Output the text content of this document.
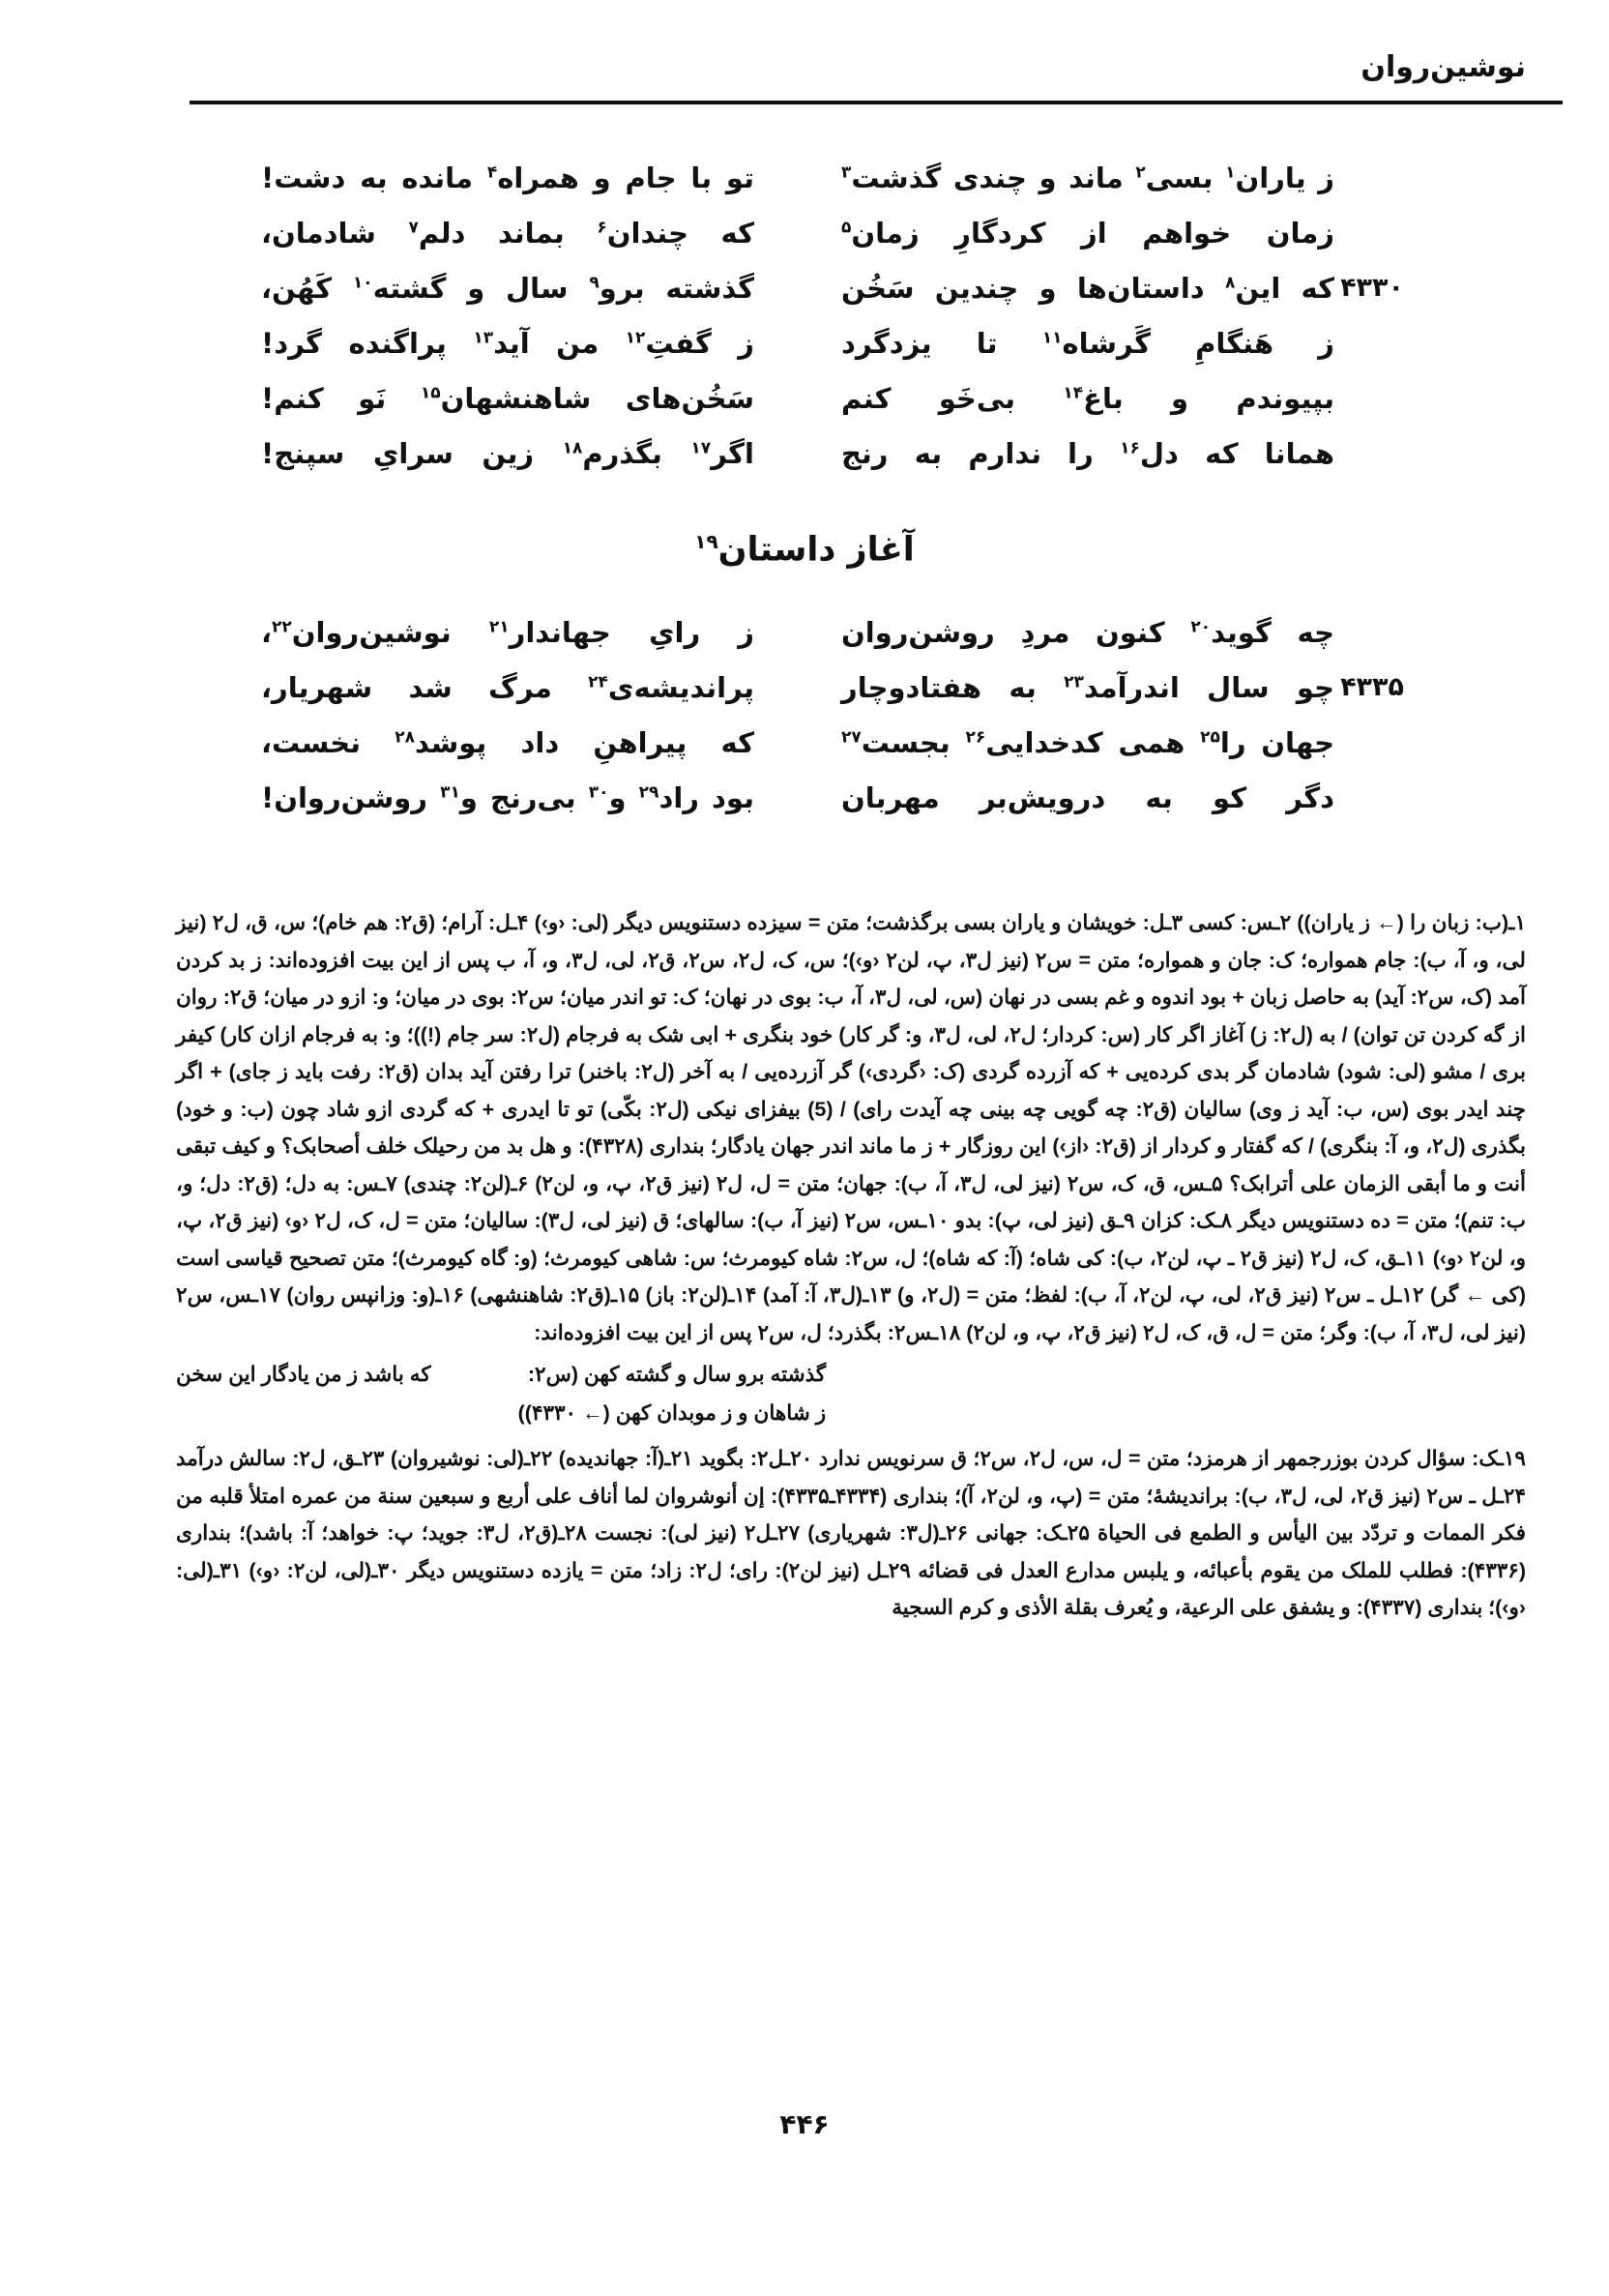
نوشین‌روان
ز یاران$^۱$ بسی$^۲$ ماند و چندی گذشت$^۳$
تو با جام و همراه$^۴$ مانده به دشت!
زمان خواهم از کردگارِ زمان$^۵$
که چندان$^۶$ بماند دلم$^۷$ شادمان،
که این$^۸$ داستان‌ها و چندین سَخُن
گذشته برو$^۹$ سال و گشته$^{۱۰}$ کَهُن،	۴۳۳۰
ز هَنگامِ گَرشاه$^{۱۱}$ تا یزدگرد
ز گفتِ$^{۱۲}$ من آید$^{۱۳}$ پراگنده گرد!
بپیوندم و باغ$^{۱۴}$ بی‌خَو کنم
سَخُن‌های شاهنشهان$^{۱۵}$ نَو کنم!
همانا که دل$^{۱۶}$ را ندارم به رنج
اگر$^{۱۷}$ بگذرم$^{۱۸}$ زین سرایِ سپنج!
آغاز داستان$^{۱۹}$
چه گوید$^{۲۰}$ کنون مردِ روشن‌روان
ز رایِ جهاندار$^{۲۱}$ نوشین‌روان$^{۲۲}$،
چو سال اندرآمد$^{۲۳}$ به هفتادوچار
پراندیشه‌ی$^{۲۴}$ مرگ شد شهریار،	۴۳۳۵
جهان را$^{۲۵}$ همی کدخدایی$^{۲۶}$ بجست$^{۲۷}$
که پیراهنِ داد پوشد$^{۲۸}$ نخست،
دگر کو به درویش‌بر مهربان
بود راد$^{۲۹}$ و$^{۳۰}$ بی‌رنج و$^{۳۱}$ روشن‌روان!

۱ـ(ب: زبان را (← ز یاران)) ۲ـس: کسی ۳ـل: خویشان و یاران بسی برگذشت؛ متن = سیزده دستنویس دیگر (لی: ‹و›) ۴ـل: آرام؛ (ق۲: هم خام)؛ س، ق، ل۲ (نیز لی، و، آ، ب): جام همواره؛ ک: جان و همواره؛ متن = س۲ (نیز ل۳، پ، لن۲ ‹و›)؛ س، ک، ل۲، س۲، ق۲، لی، ل۳، و، آ، ب پس از این بیت افزوده‌اند: ز بد کردن آمد (ک، س۲: آید) به حاصل زبان + بود اندوه و غم بسی در نهان (س، لی، ل۳، آ، ب: بوی در نهان؛ ک: تو اندر میان؛ س۲: بوی در میان؛ و: ازو در میان؛ ق۲: روان از گه کردن تن توان) / به (ل۲: ز) آغاز اگر کار (س: کردار؛ ل۲، لی، ل۳، و: گر کار) خود بنگری + ابی شک به فرجام (ل۲: سر جام (!))؛ و: به فرجام ازان کار) کیفر بری / مشو (لی: شود) شادمان گر بدی کرده‌یی + که آزرده گردی (ک: ‹گردی›) گر آزرده‌یی / به آخر (ل۲: باخنر) ترا رفتن آید بدان (ق۲: رفت باید ز جای) + اگر چند ایدر بوی (س، ب: آید ز وی) سالیان (ق۲: چه گویی چه بینی چه آیدت رای) / (5) بیفزای نیکی (ل۲: بکّی) تو تا ایدری + که گردی ازو شاد چون (ب: و خود) بگذری (ل۲، و، آ: بنگری) / که گفتار و کردار از (ق۲: ‹از›) این روزگار + ز ما ماند اندر جهان یادگار؛ بنداری (۴۳۲۸): و هل بد من رحیلک خلف أصحابک؟ و کیف تبقی أنت و ما أبقی الزمان علی أترابک؟ ۵ـس، ق، ک، س۲ (نیز لی، ل۳، آ، ب): جهان؛ متن = ل، ل۲ (نیز ق۲، پ، و، لن۲) ۶ـ(لن۲: چندی) ۷ـس: به دل؛ (ق۲: دل؛ و، ب: تنم)؛ متن = ده دستنویس دیگر ۸ـک: کزان ۹ـق (نیز لی، پ): بدو ۱۰ـس، س۲ (نیز آ، ب): سالهای؛ ق (نیز لی، ل۳): سالیان؛ متن = ل، ک، ل۲ ‹و› (نیز ق۲، پ، و، لن۲ ‹و›) ۱۱ـق، ک، ل۲ (نیز ق۲ ـ پ، لن۲، ب): کی شاه؛ (آ: که شاه)؛ ل، س۲: شاه کیومرث؛ س: شاهی کیومرث؛ (و: گاه کیومرث)؛ متن تصحیح قیاسی است (کی ← گر) ۱۲ـل ـ س۲ (نیز ق۲، لی، پ، لن۲، آ، ب): لفظ؛ متن = (ل۲، و) ۱۳ـ(ل۳، آ: آمد) ۱۴ـ(لن۲: باز) ۱۵ـ(ق۲: شاهنشهی) ۱۶ـ(و: وزانپس روان) ۱۷ـس، س۲ (نیز لی، ل۳، آ، ب): وگر؛ متن = ل، ق، ک، ل۲ (نیز ق۲، پ، و، لن۲) ۱۸ـس۲: بگذرد؛ ل، س۲ پس از این بیت افزوده‌اند:

که باشد ز من یادگار این سخن	گذشته برو سال و گشته کهن (س۲:
ز شاهان و ز موبدان کهن (← ۴۳۳۰))

۱۹ـک: سؤال کردن بوزرجمهر از هرمزد؛ متن = ل، س، ل۲، س۲؛ ق سرنویس ندارد ۲۰ـل۲: بگوید ۲۱ـ(آ: جهاندیده) ۲۲ـ(لی: نوشیروان) ۲۳ـق، ل۲: سالش درآمد ۲۴ـل ـ س۲ (نیز ق۲، لی، ل۳، ب): براندیشهٔ؛ متن = (پ، و، لن۲، آ)؛ بنداری (۴۳۳۴ـ۴۳۳۵): إن أنوشروان لما أناف علی أربع و سبعین سنة من عمره امتلأ قلبه من فکر الممات و تردّد بین الیأس و الطمع فی الحیاة ۲۵ـک: جهانی ۲۶ـ(ل۳: شهریاری) ۲۷ـل۲ (نیز لی): نجست ۲۸ـ(ق۲، ل۳: جوید؛ پ: خواهد؛ آ: باشد)؛ بنداری (۴۳۳۶): فطلب للملک من یقوم بأعبائه، و یلبس مدارع العدل فی قضائه ۲۹ـل (نیز لن۲): رای؛ ل۲: زاد؛ متن = یازده دستنویس دیگر ۳۰ـ(لی، لن۲: ‹و›) ۳۱ـ(لی: ‹و›)؛ بنداری (۴۳۳۷): و یشفق علی الرعیة، و یُعرف بقلة الأذی و کرم السجیة

۴۴۶
